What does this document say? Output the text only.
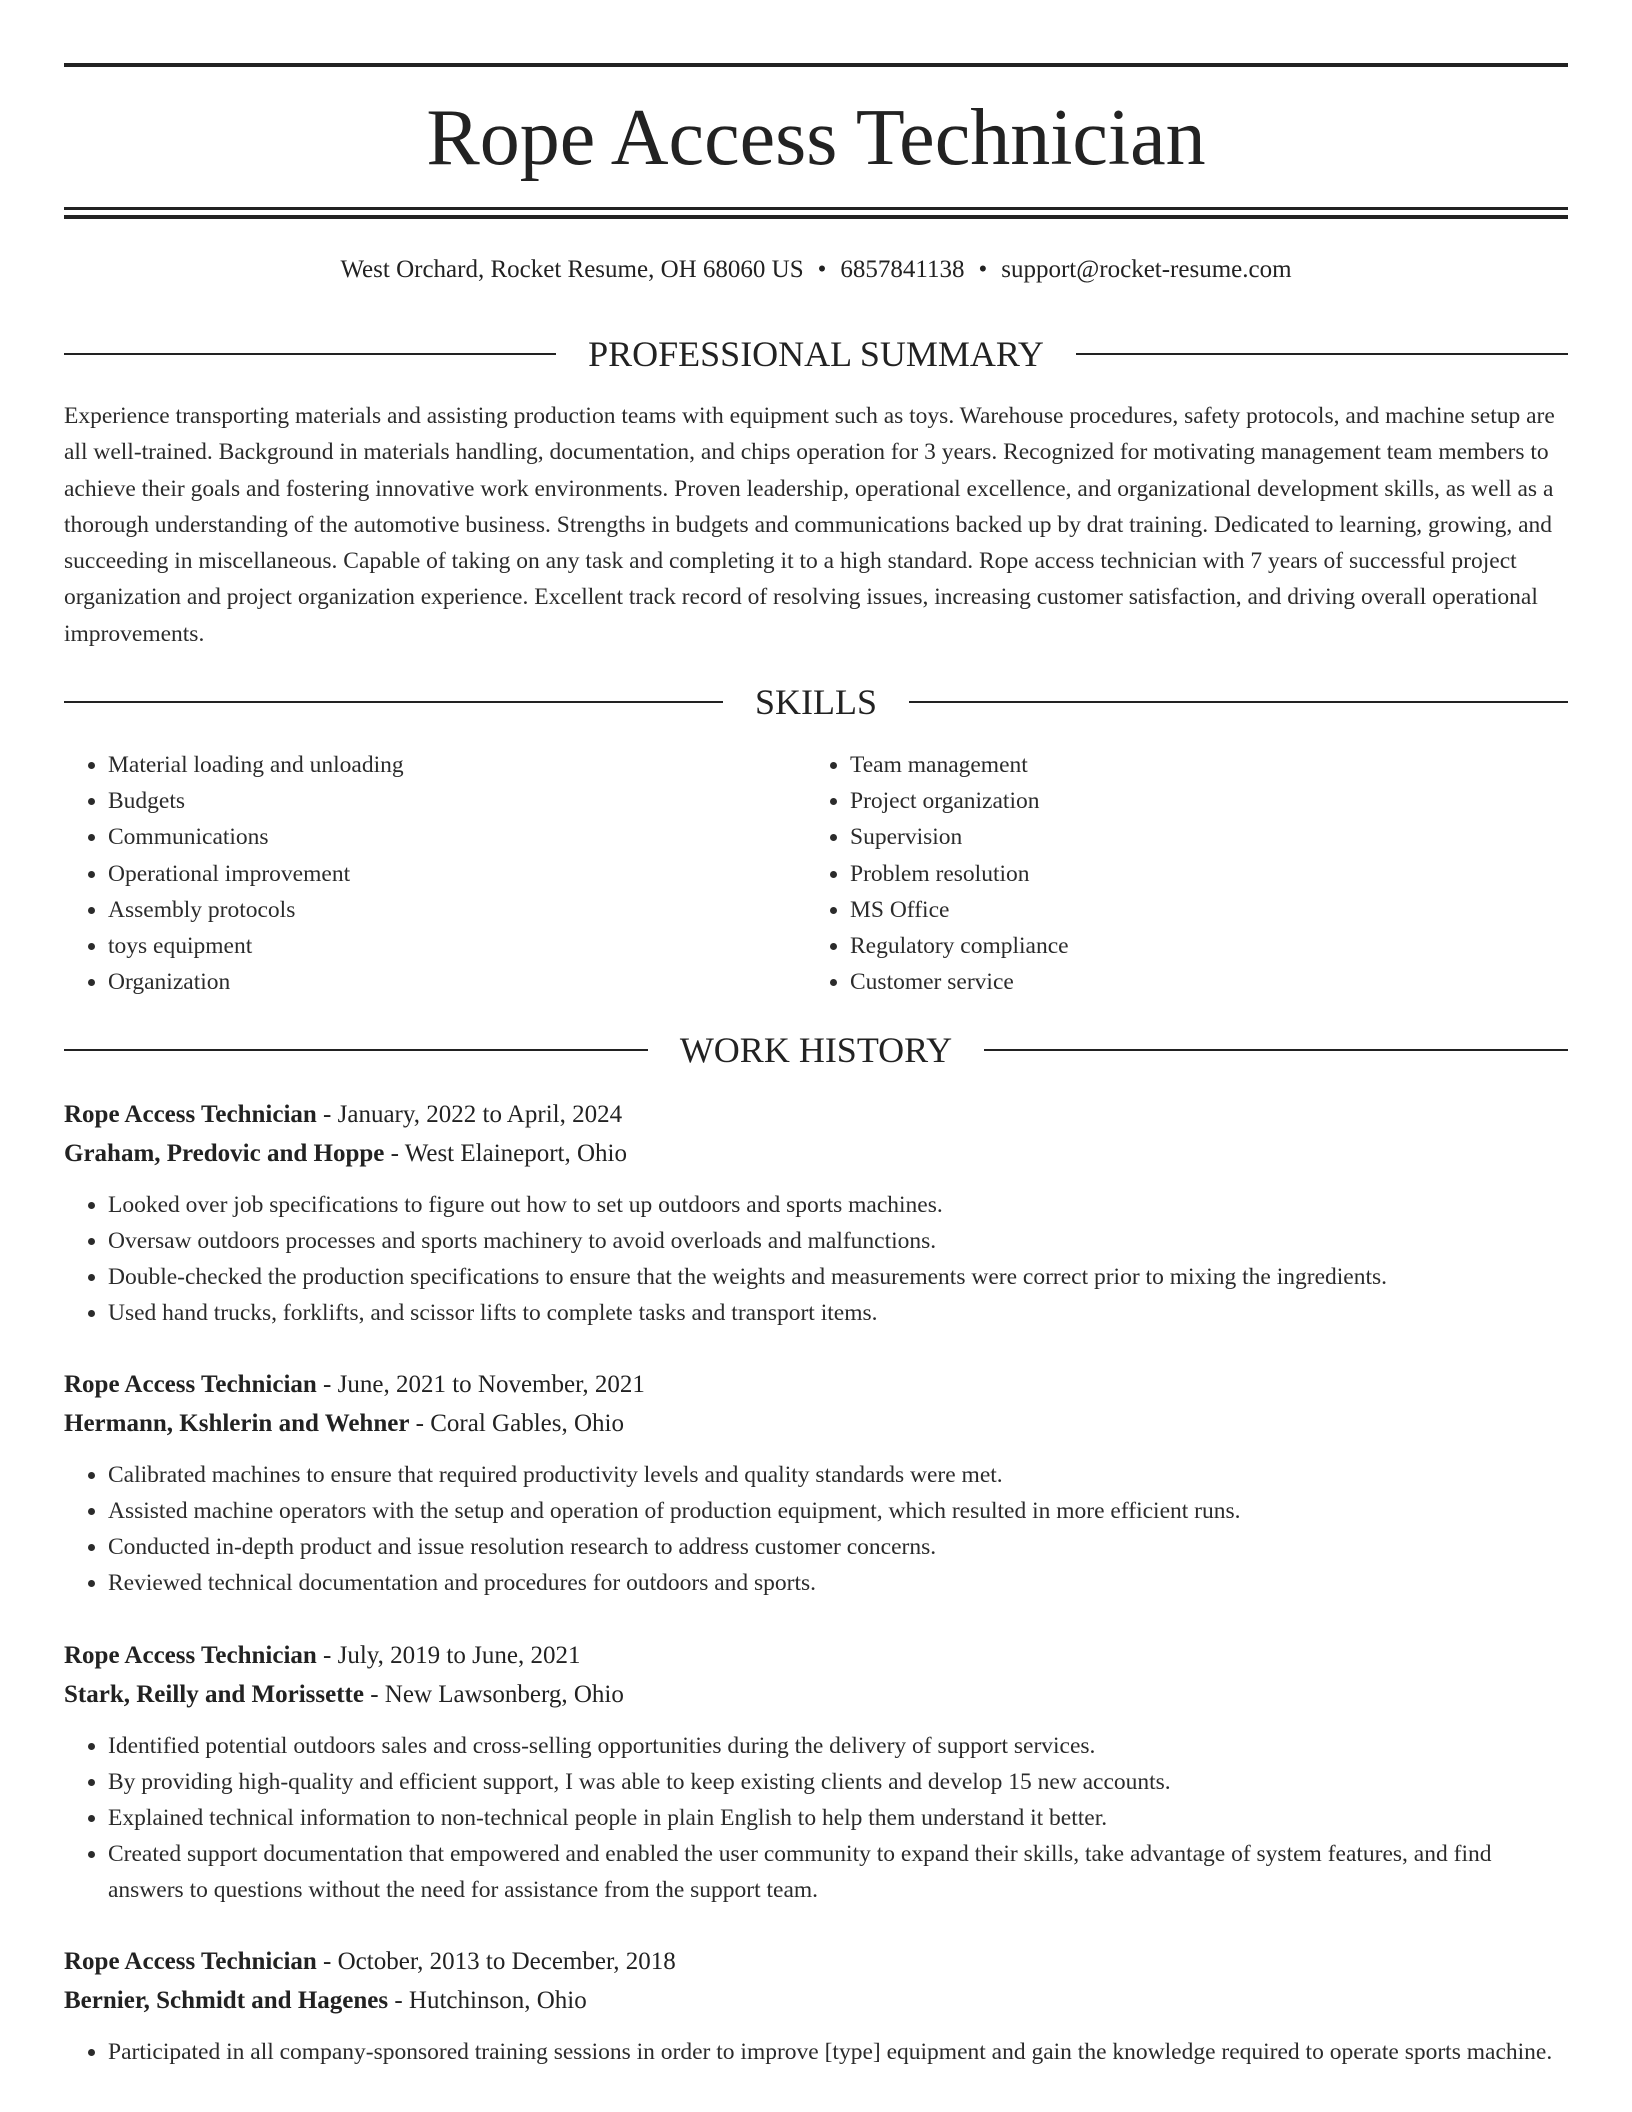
Rope Access Technician
West Orchard, Rocket Resume, OH 68060 US • 6857841138 • support@rocket-resume.com
PROFESSIONAL SUMMARY

Experience transporting materials and assisting production teams with equipment such as toys. Warehouse procedures, safety protocols, and machine setup are all well-trained. Background in materials handling, documentation, and chips operation for 3 years. Recognized for motivating management team members to achieve their goals and fostering innovative work environments. Proven leadership, operational excellence, and organizational development skills, as well as a thorough understanding of the automotive business. Strengths in budgets and communications backed up by drat training. Dedicated to learning, growing, and succeeding in miscellaneous. Capable of taking on any task and completing it to a high standard. Rope access technician with 7 years of successful project organization and project organization experience. Excellent track record of resolving issues, increasing customer satisfaction, and driving overall operational improvements.

SKILLS
• Material loading and unloading
• Budgets
• Communications
• Operational improvement
• Assembly protocols
• toys equipment
• Organization
• Team management
• Project organization
• Supervision
• Problem resolution
• MS Office
• Regulatory compliance
• Customer service
WORK HISTORY
Rope Access Technician - January, 2022 to April, 2024
Graham, Predovic and Hoppe - West Elaineport, Ohio
• Looked over job specifications to figure out how to set up outdoors and sports machines.
• Oversaw outdoors processes and sports machinery to avoid overloads and malfunctions.
• Double-checked the production specifications to ensure that the weights and measurements were correct prior to mixing the ingredients.
• Used hand trucks, forklifts, and scissor lifts to complete tasks and transport items.
Rope Access Technician - June, 2021 to November, 2021
Hermann, Kshlerin and Wehner - Coral Gables, Ohio
• Calibrated machines to ensure that required productivity levels and quality standards were met.
• Assisted machine operators with the setup and operation of production equipment, which resulted in more efficient runs.
• Conducted in-depth product and issue resolution research to address customer concerns.
• Reviewed technical documentation and procedures for outdoors and sports.
Rope Access Technician - July, 2019 to June, 2021
Stark, Reilly and Morissette - New Lawsonberg, Ohio
• Identified potential outdoors sales and cross-selling opportunities during the delivery of support services.
• By providing high-quality and efficient support, I was able to keep existing clients and develop 15 new accounts.
• Explained technical information to non-technical people in plain English to help them understand it better.
• Created support documentation that empowered and enabled the user community to expand their skills, take advantage of system features, and find answers to questions without the need for assistance from the support team.
Rope Access Technician - October, 2013 to December, 2018
Bernier, Schmidt and Hagenes - Hutchinson, Ohio
• Participated in all company-sponsored training sessions in order to improve [type] equipment and gain the knowledge required to operate sports machine.
